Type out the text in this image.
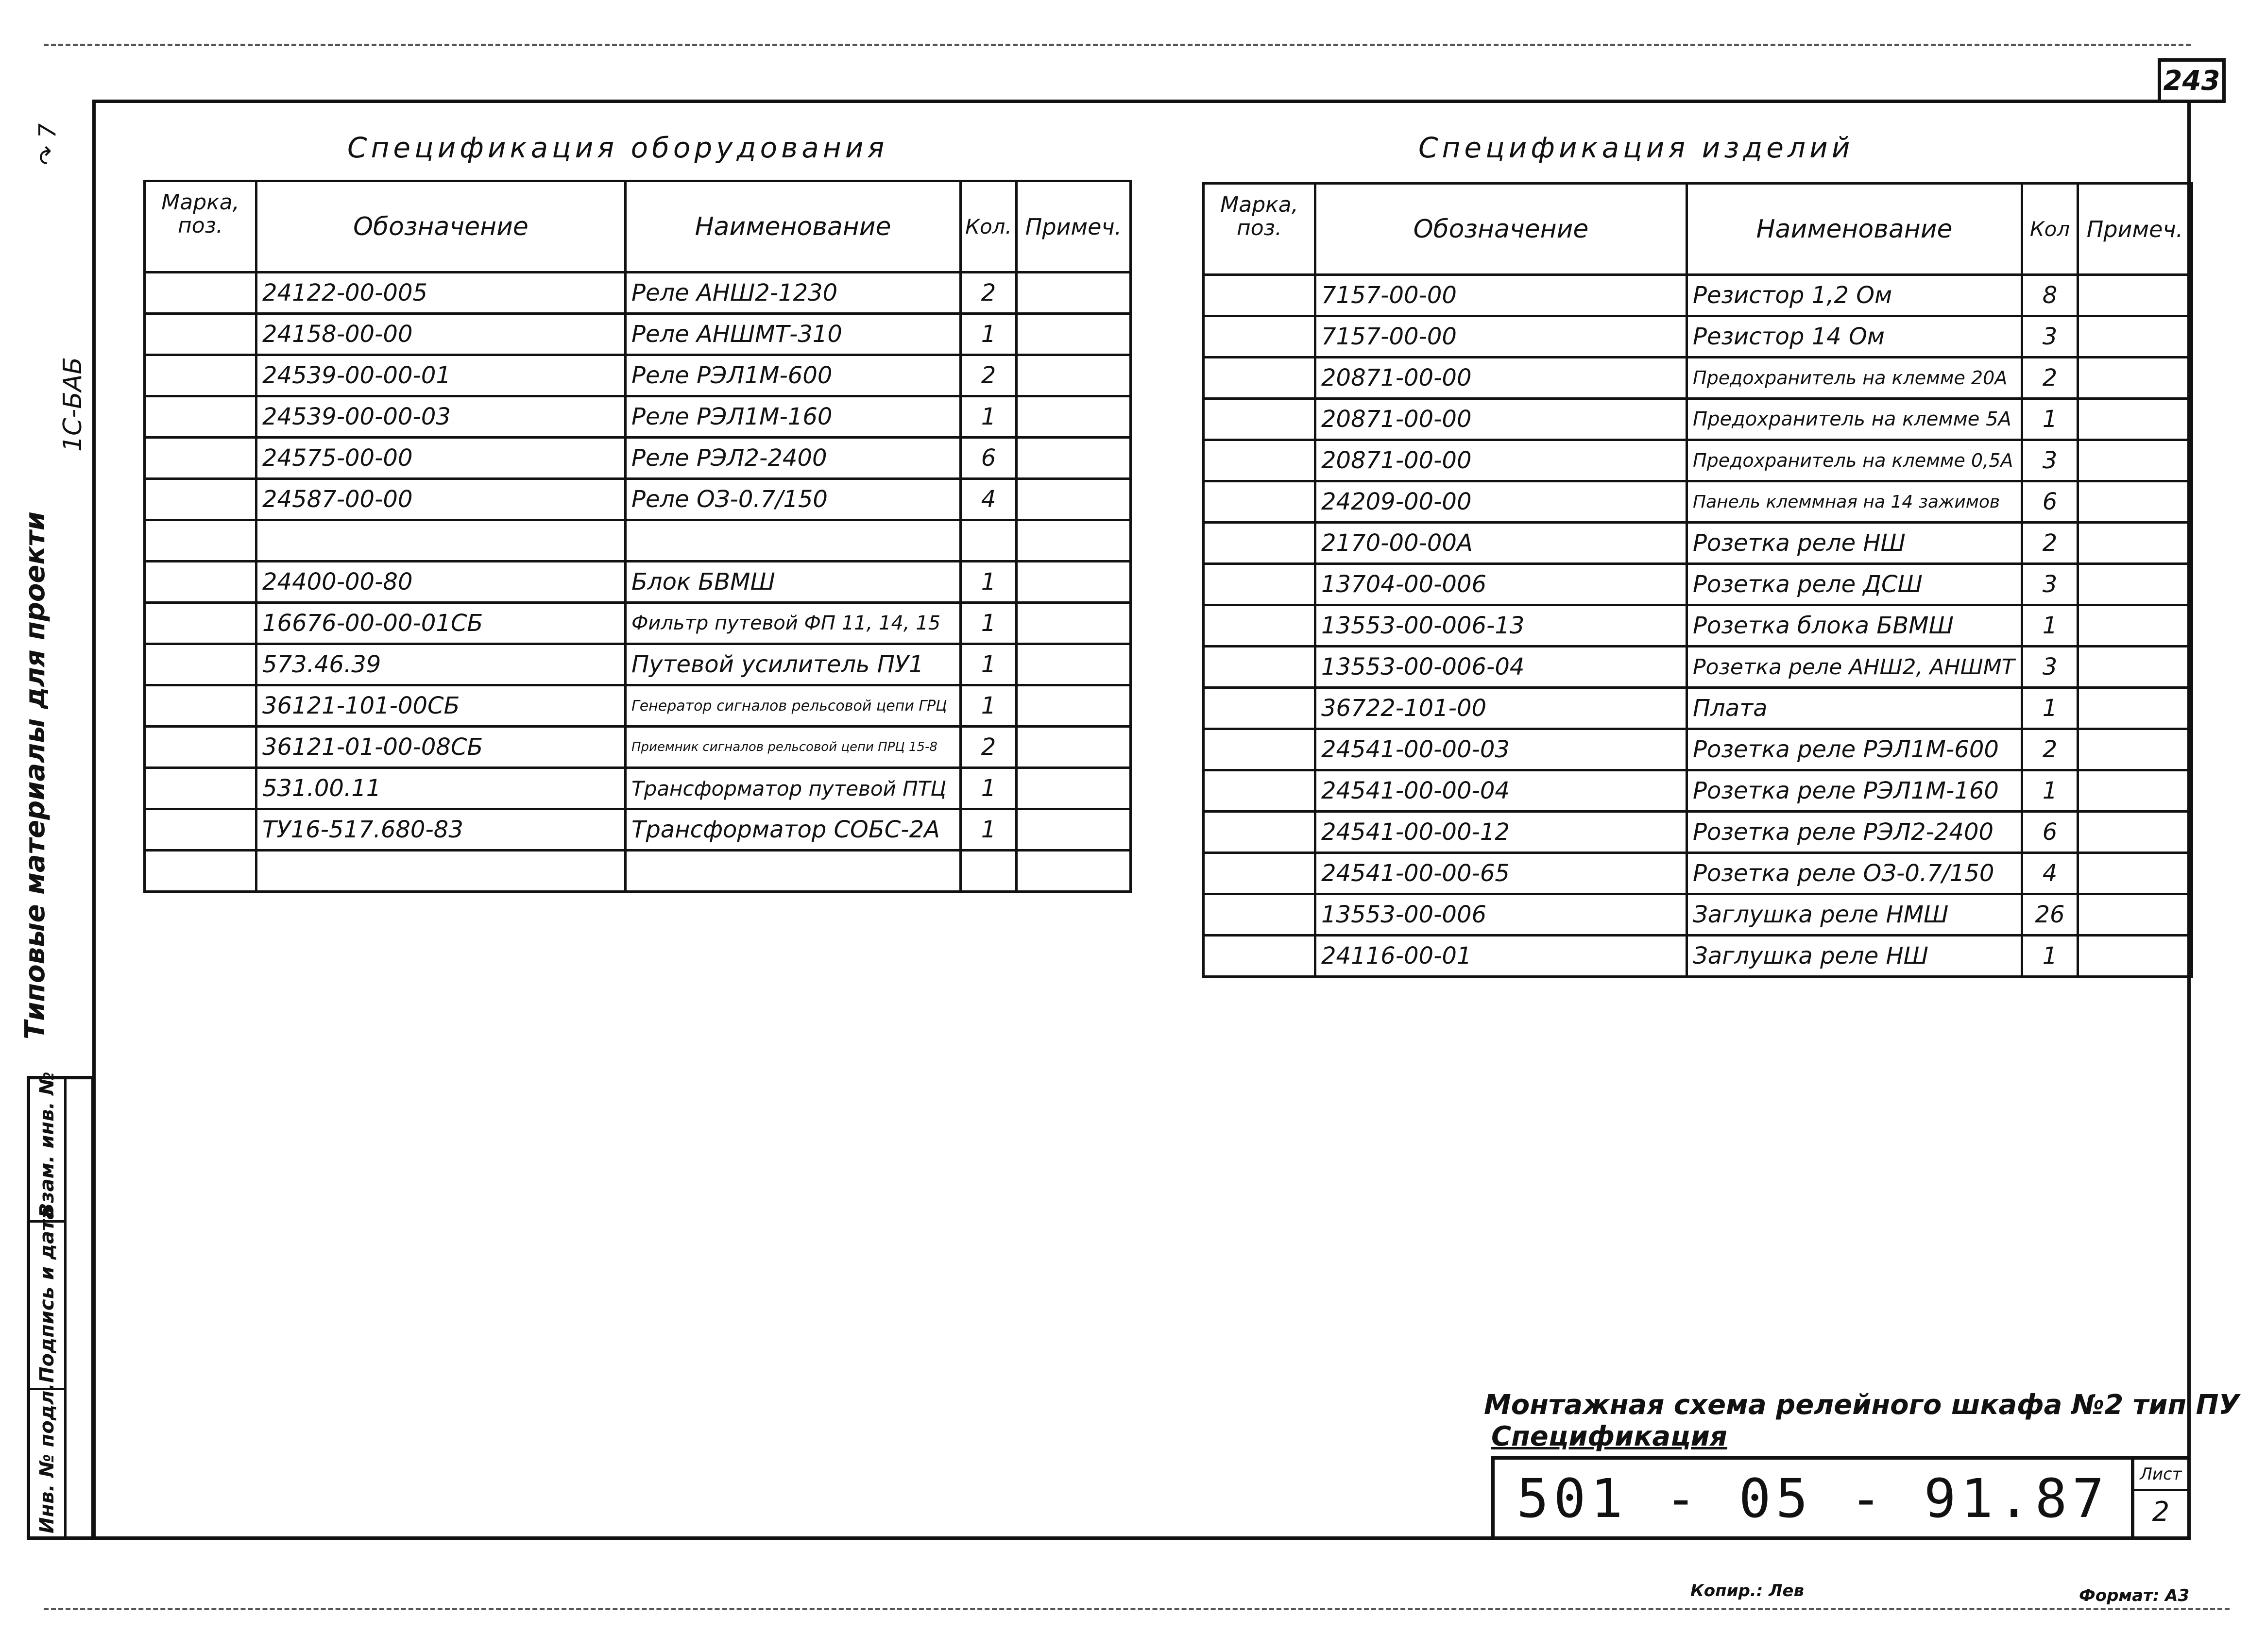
243
↷ 7
1С-БАБ
Типовые материалы для проекти
Инв. № подл.
Подпись и дата
Взам. инв. №
Спецификация оборудования
Марка, поз.	Обозначение	Наименование	Кол.	Примеч.
	24122-00-005	Реле АНШ2-1230	2	
	24158-00-00	Реле АНШМТ-310	1	
	24539-00-00-01	Реле РЭЛ1М-600	2	
	24539-00-00-03	Реле РЭЛ1М-160	1	
	24575-00-00	Реле РЭЛ2-2400	6	
	24587-00-00	Реле ОЗ-0.7/150	4	

	24400-00-80	Блок БВМШ	1	
	16676-00-00-01СБ	Фильтр путевой ФП 11, 14, 15	1	
	573.46.39	Путевой усилитель ПУ1	1	
	36121-101-00СБ	Генератор сигналов рельсовой цепи ГРЦ	1	
	36121-01-00-08СБ	Приемник сигналов рельсовой цепи ПРЦ 15-8	2	
	531.00.11	Трансформатор путевой ПТЦ	1	
	ТУ16-517.680-83	Трансформатор СОБС-2А	1	

Спецификация изделий
Марка, поз.	Обозначение	Наименование	Кол	Примеч.
	7157-00-00	Резистор 1,2 Ом	8	
	7157-00-00	Резистор 14 Ом	3	
	20871-00-00	Предохранитель на клемме 20А	2	
	20871-00-00	Предохранитель на клемме 5А	1	
	20871-00-00	Предохранитель на клемме 0,5А	3	
	24209-00-00	Панель клеммная на 14 зажимов	6	
	2170-00-00А	Розетка реле НШ	2	
	13704-00-006	Розетка реле ДСШ	3	
	13553-00-006-13	Розетка блока БВМШ	1	
	13553-00-006-04	Розетка реле АНШ2, АНШМТ	3	
	36722-101-00	Плата	1	
	24541-00-00-03	Розетка реле РЭЛ1М-600	2	
	24541-00-00-04	Розетка реле РЭЛ1М-160	1	
	24541-00-00-12	Розетка реле РЭЛ2-2400	6	
	24541-00-00-65	Розетка реле ОЗ-0.7/150	4	
	13553-00-006	Заглушка реле НМШ	26	
	24116-00-01	Заглушка реле НШ	1	
Монтажная схема релейного шкафа №2 тип ПУ
Спецификация
501 - 05 - 91.87	Лист
2
Копир.: Лев	Формат: А3
